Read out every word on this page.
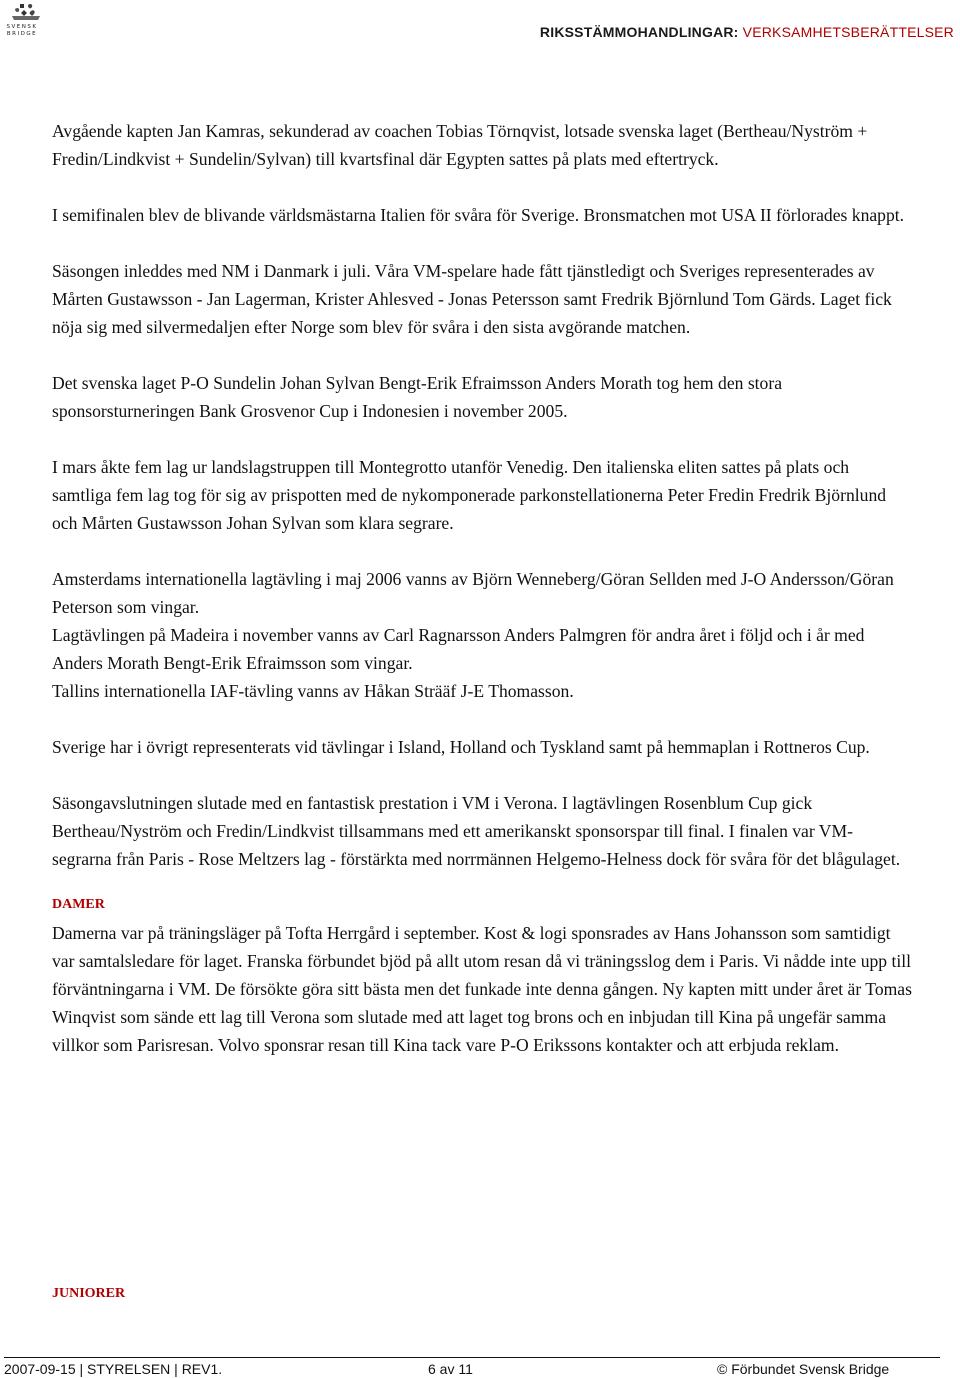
SVENSK
BRIDGE	RIKSSTÄMMOHANDLINGAR: VERKSAMHETSBERÄTTELSER

Avgående kapten Jan Kamras, sekunderad av coachen Tobias Törnqvist, lotsade svenska laget (Bertheau/Nyström + Fredin/Lindkvist + Sundelin/Sylvan) till kvartsfinal där Egypten sattes på plats med eftertryck.

I semifinalen blev de blivande världsmästarna Italien för svåra för Sverige. Bronsmatchen mot USA II förlorades knappt.

Säsongen inleddes med NM i Danmark i juli. Våra VM-spelare hade fått tjänstledigt och Sveriges representerades av Mårten Gustawsson - Jan Lagerman, Krister Ahlesved - Jonas Petersson samt Fredrik Björnlund Tom Gärds. Laget fick nöja sig med silvermedaljen efter Norge som blev för svåra i den sista avgörande matchen.

Det svenska laget P-O Sundelin Johan Sylvan Bengt-Erik Efraimsson Anders Morath tog hem den stora sponsorsturneringen Bank Grosvenor Cup i Indonesien i november 2005.

I mars åkte fem lag ur landslagstruppen till Montegrotto utanför Venedig. Den italienska eliten sattes på plats och samtliga fem lag tog för sig av prispotten med de nykomponerade parkonstellationerna Peter Fredin Fredrik Björnlund och Mårten Gustawsson Johan Sylvan som klara segrare.

Amsterdams internationella lagtävling i maj 2006 vanns av Björn Wenneberg/Göran Sellden med J-O Andersson/Göran Peterson som vingar.

Lagtävlingen på Madeira i november vanns av Carl Ragnarsson Anders Palmgren för andra året i följd och i år med Anders Morath Bengt-Erik Efraimsson som vingar.

Tallins internationella IAF-tävling vanns av Håkan Strääf J-E Thomasson.

Sverige har i övrigt representerats vid tävlingar i Island, Holland och Tyskland samt på hemmaplan i Rottneros Cup.

Säsongavslutningen slutade med en fantastisk prestation i VM i Verona. I lagtävlingen Rosenblum Cup gick Bertheau/Nyström och Fredin/Lindkvist tillsammans med ett amerikanskt sponsorspar till final. I finalen var VM-segrarna från Paris - Rose Meltzers lag - förstärkta med norrmännen Helgemo-Helness dock för svåra för det blågulaget.

DAMER

Damerna var på träningsläger på Tofta Herrgård i september. Kost & logi sponsrades av Hans Johansson som samtidigt var samtalsledare för laget. Franska förbundet bjöd på allt utom resan då vi träningsslog dem i Paris. Vi nådde inte upp till förväntningarna i VM. De försökte göra sitt bästa men det funkade inte denna gången. Ny kapten mitt under året är Tomas Winqvist som sände ett lag till Verona som slutade med att laget tog brons och en inbjudan till Kina på ungefär samma villkor som Parisresan. Volvo sponsrar resan till Kina tack vare P-O Erikssons kontakter och att erbjuda reklam.

JUNIORER
2007-09-15 | STYRELSEN | REV1.	6 av 11	© Förbundet Svensk Bridge
